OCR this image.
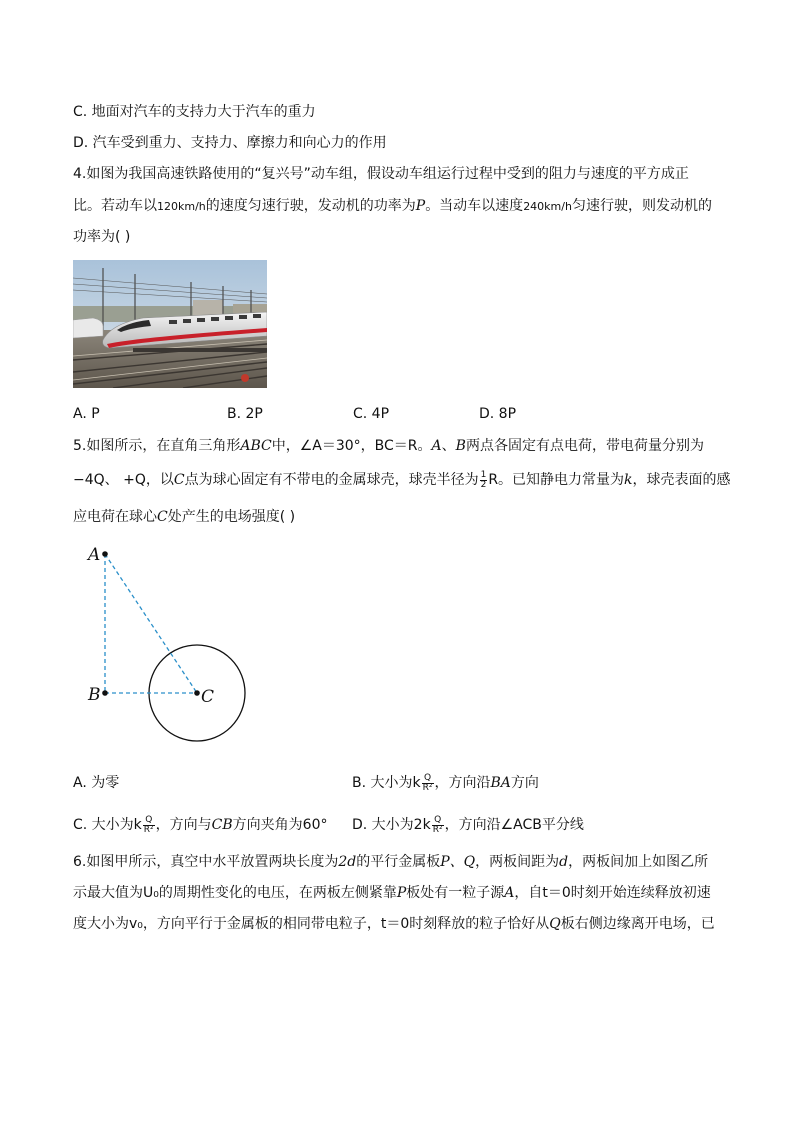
C. 地面对汽车的支持力大于汽车的重力
D. 汽车受到重力、支持力、摩擦力和向心力的作用
4.如图为我国高速铁路使用的“复兴号”动车组，假设动车组运行过程中受到的阻力与速度的平方成正
比。若动车以120km/h的速度匀速行驶，发动机的功率为P。当动车以速度240km/h匀速行驶，则发动机的
功率为( )
A. P	B. 2P	C. 4P	D. 8P
5.如图所示，在直角三角形ABC中，∠A＝30°，BC＝R。A、B两点各固定有点电荷，带电荷量分别为
−4Q、 +Q，以C点为球心固定有不带电的金属球壳，球壳半径为 $\frac{1}{2}$ R。已知静电力常量为k，球壳表面的感
应电荷在球心C处产生的电场强度( )
A
B	C
A. 为零	B. 大小为k $\frac{Q}{\text{R²}}$ ，方向沿BA方向
C. 大小为k $\frac{Q}{\text{R²}}$ ，方向与CB方向夹角为60° D. 大小为$2k \frac{Q}{\text{R²}}$ ，方向沿∠ACB平分线
6.如图甲所示，真空中水平放置两块长度为2d的平行金属板P、Q，两板间距为d，两板间加上如图乙所
示最大值为U₀的周期性变化的电压，在两板左侧紧靠P板处有一粒子源A，自t＝0时刻开始连续释放初速
度大小为v₀，方向平行于金属板的相同带电粒子，t＝0时刻释放的粒子恰好从Q板右侧边缘离开电场，已
